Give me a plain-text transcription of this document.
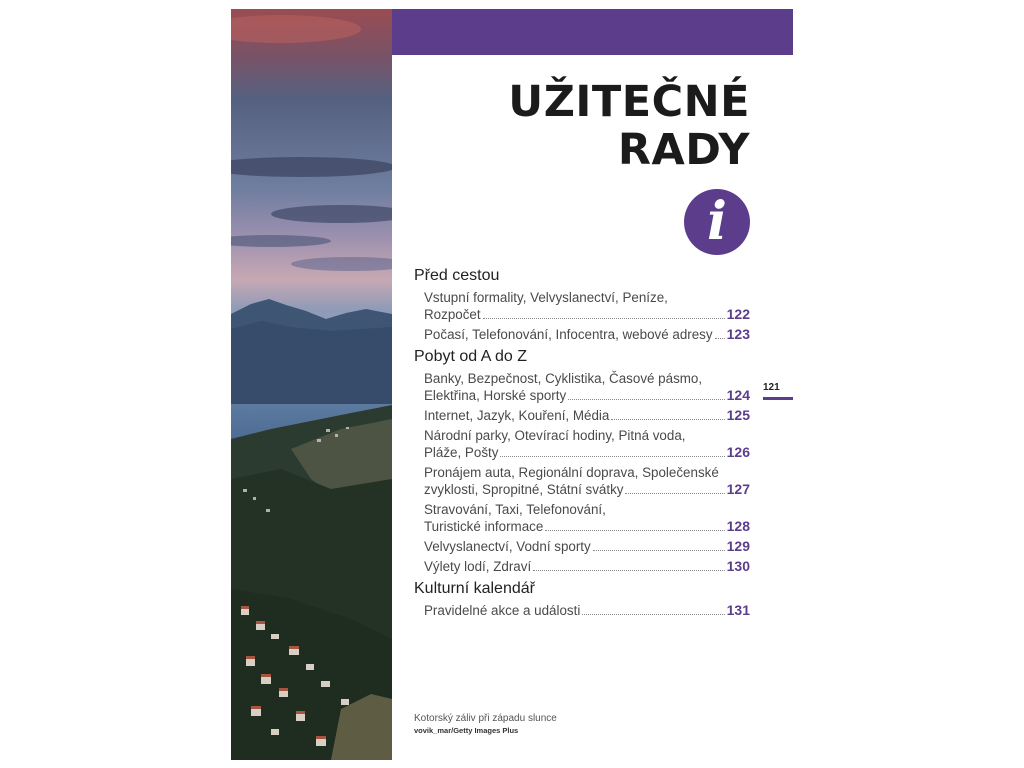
UŽITEČNÉ
RADY
i
Před cestou
Vstupní formality, Velvyslanectví, Peníze,
Rozpočet	122
Počasí, Telefonování, Infocentra, webové adresy 123
Pobyt od A do Z
Banky, Bezpečnost, Cyklistika, Časové pásmo,
Elektřina, Horské sporty	124
Internet, Jazyk, Kouření, Média	125
Národní parky, Otevírací hodiny, Pitná voda,
Pláže, Pošty	126
Pronájem auta, Regionální doprava, Společenské
zvyklosti, Spropitné, Státní svátky	127
Stravování, Taxi, Telefonování,
Turistické informace	128
Velvyslanectví, Vodní sporty	129
Výlety lodí, Zdraví	130
Kulturní kalendář
Pravidelné akce a události	131
121
Kotorský záliv při západu slunce
vovik_mar/Getty Images Plus
